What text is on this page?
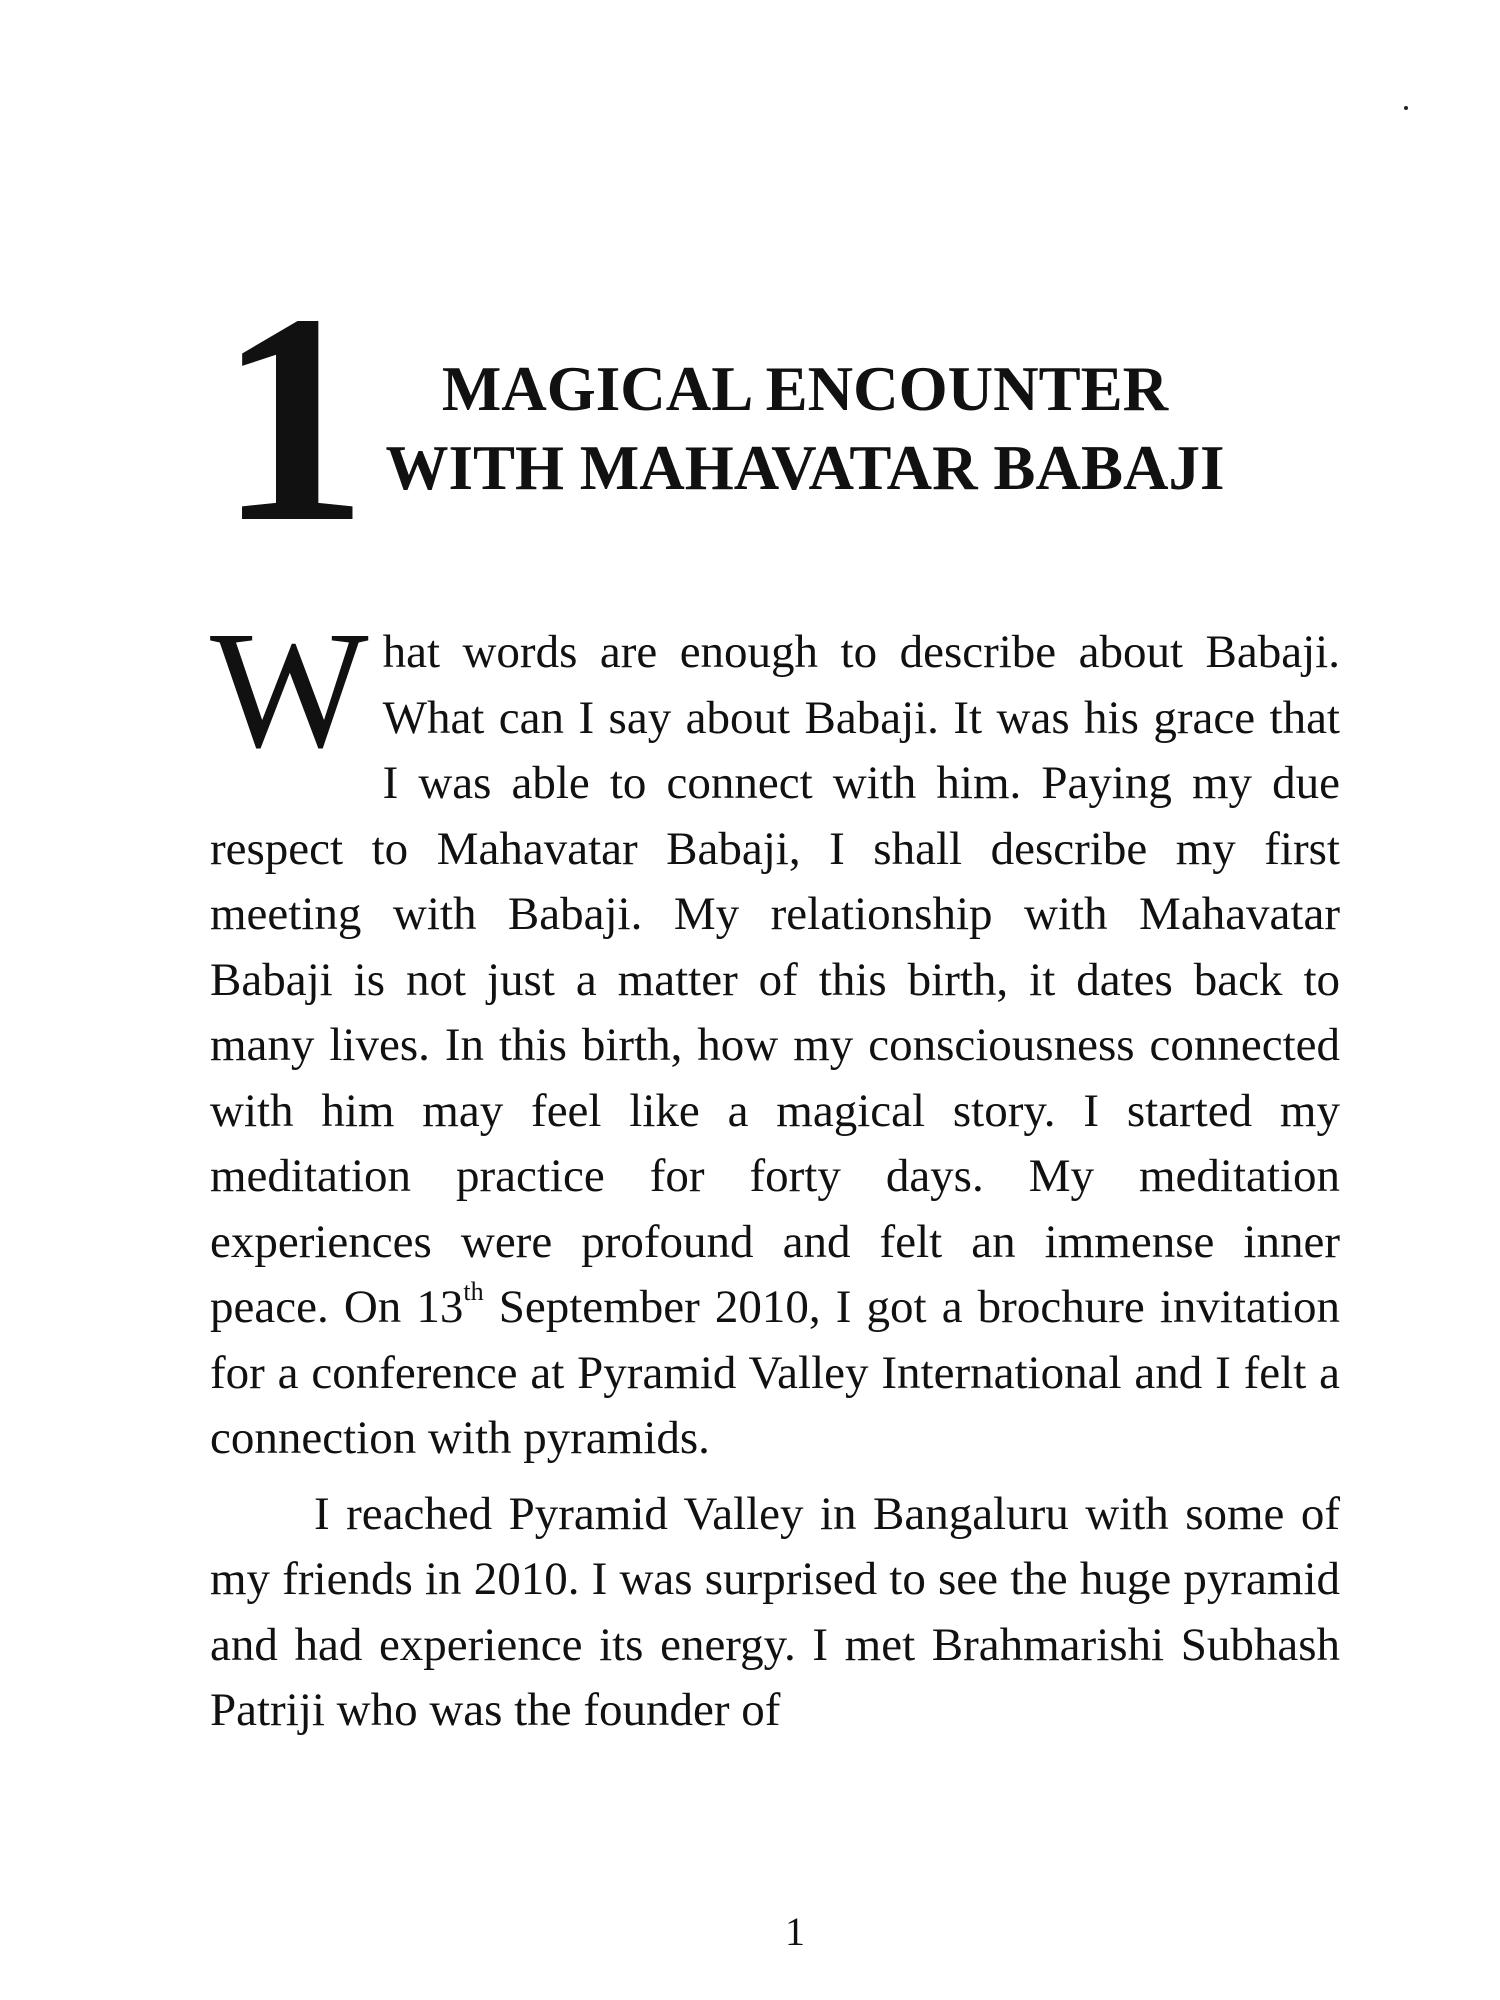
1	MAGICAL ENCOUNTER
WITH MAHAVATAR BABAJI

What words are enough to describe about Babaji. What can I say about Babaji. It was his grace that I was able to connect with him. Paying my due respect to Mahavatar Babaji, I shall describe my first meeting with Babaji. My relationship with Mahavatar Babaji is not just a matter of this birth, it dates back to many lives. In this birth, how my consciousness connected with him may feel like a magical story. I started my meditation practice for forty days. My meditation experiences were profound and felt an immense inner peace. On 13th September 2010, I got a brochure invitation for a conference at Pyramid Valley International and I felt a connection with pyramids.

I reached Pyramid Valley in Bangaluru with some of my friends in 2010. I was surprised to see the huge pyramid and had experience its energy. I met Brahmarishi Subhash Patriji who was the founder of

1
